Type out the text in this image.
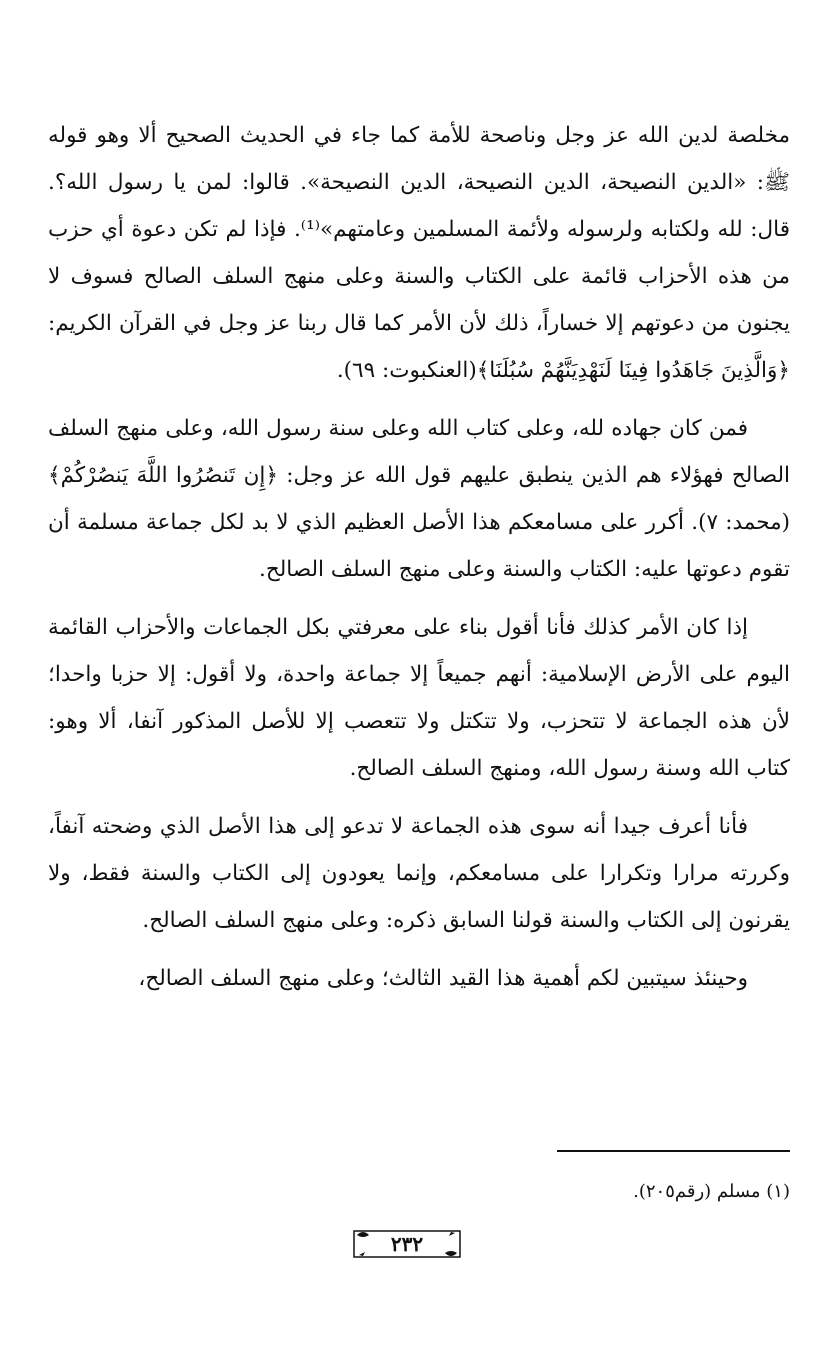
مخلصة لدين الله عز وجل وناصحة للأمة كما جاء في الحديث الصحيح ألا وهو قوله ﷺ: «الدين النصيحة، الدين النصيحة، الدين النصيحة». قالوا: لمن يا رسول الله؟. قال: لله ولكتابه ولرسوله ولأئمة المسلمين وعامتهم»⁽¹⁾. فإذا لم تكن دعوة أي حزب من هذه الأحزاب قائمة على الكتاب والسنة وعلى منهج السلف الصالح فسوف لا يجنون من دعوتهم إلا خساراً، ذلك لأن الأمر كما قال ربنا عز وجل في القرآن الكريم: ﴿وَالَّذِينَ جَاهَدُوا فِينَا لَنَهْدِيَنَّهُمْ سُبُلَنَا﴾(العنكبوت: ٦٩).

فمن كان جهاده لله، وعلى كتاب الله وعلى سنة رسول الله، وعلى منهج السلف الصالح فهؤلاء هم الذين ينطبق عليهم قول الله عز وجل: ﴿إِن تَنصُرُوا اللَّهَ يَنصُرْكُمْ﴾(محمد: ٧). أكرر على مسامعكم هذا الأصل العظيم الذي لا بد لكل جماعة مسلمة أن تقوم دعوتها عليه: الكتاب والسنة وعلى منهج السلف الصالح.

إذا كان الأمر كذلك فأنا أقول بناء على معرفتي بكل الجماعات والأحزاب القائمة اليوم على الأرض الإسلامية: أنهم جميعاً إلا جماعة واحدة، ولا أقول: إلا حزبا واحدا؛ لأن هذه الجماعة لا تتحزب، ولا تتكتل ولا تتعصب إلا للأصل المذكور آنفا، ألا وهو: كتاب الله وسنة رسول الله، ومنهج السلف الصالح.

فأنا أعرف جيدا أنه سوى هذه الجماعة لا تدعو إلى هذا الأصل الذي وضحته آنفاً، وكررته مرارا وتكرارا على مسامعكم، وإنما يعودون إلى الكتاب والسنة فقط، ولا يقرنون إلى الكتاب والسنة قولنا السابق ذكره: وعلى منهج السلف الصالح.

وحينئذ سيتبين لكم أهمية هذا القيد الثالث؛ وعلى منهج السلف الصالح،

(١) مسلم (رقم٢٠٥).
٢٣٢
